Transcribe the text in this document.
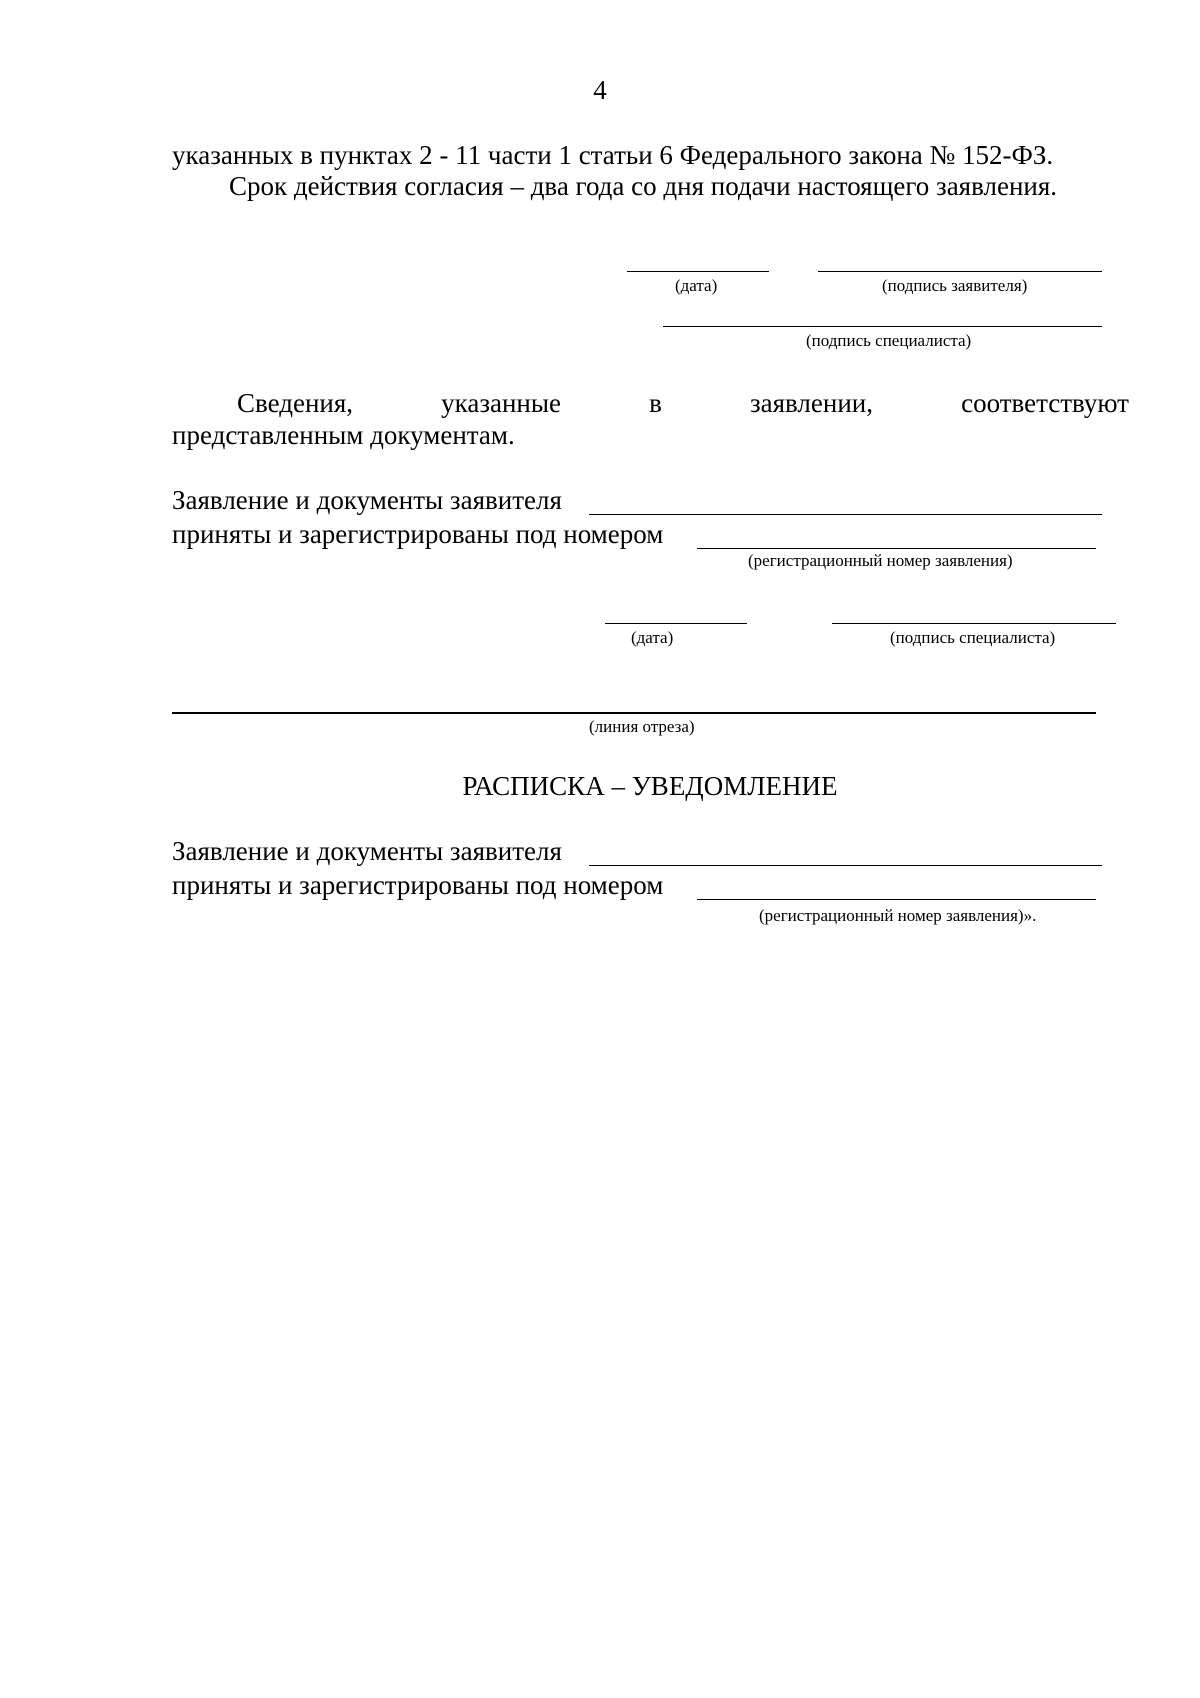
4
указанных в пунктах 2 - 11 части 1 статьи 6 Федерального закона № 152-ФЗ.
Срок действия согласия – два года со дня подачи настоящего заявления.
(дата)	(подпись заявителя)
(подпись специалиста)
Сведения,	указанные	в	заявлении,	соответствуют
представленным документам.
Заявление и документы заявителя
приняты и зарегистрированы под номером
(регистрационный номер заявления)
(дата)	(подпись специалиста)
(линия отреза)
РАСПИСКА – УВЕДОМЛЕНИЕ
Заявление и документы заявителя
приняты и зарегистрированы под номером
(регистрационный номер заявления)».
